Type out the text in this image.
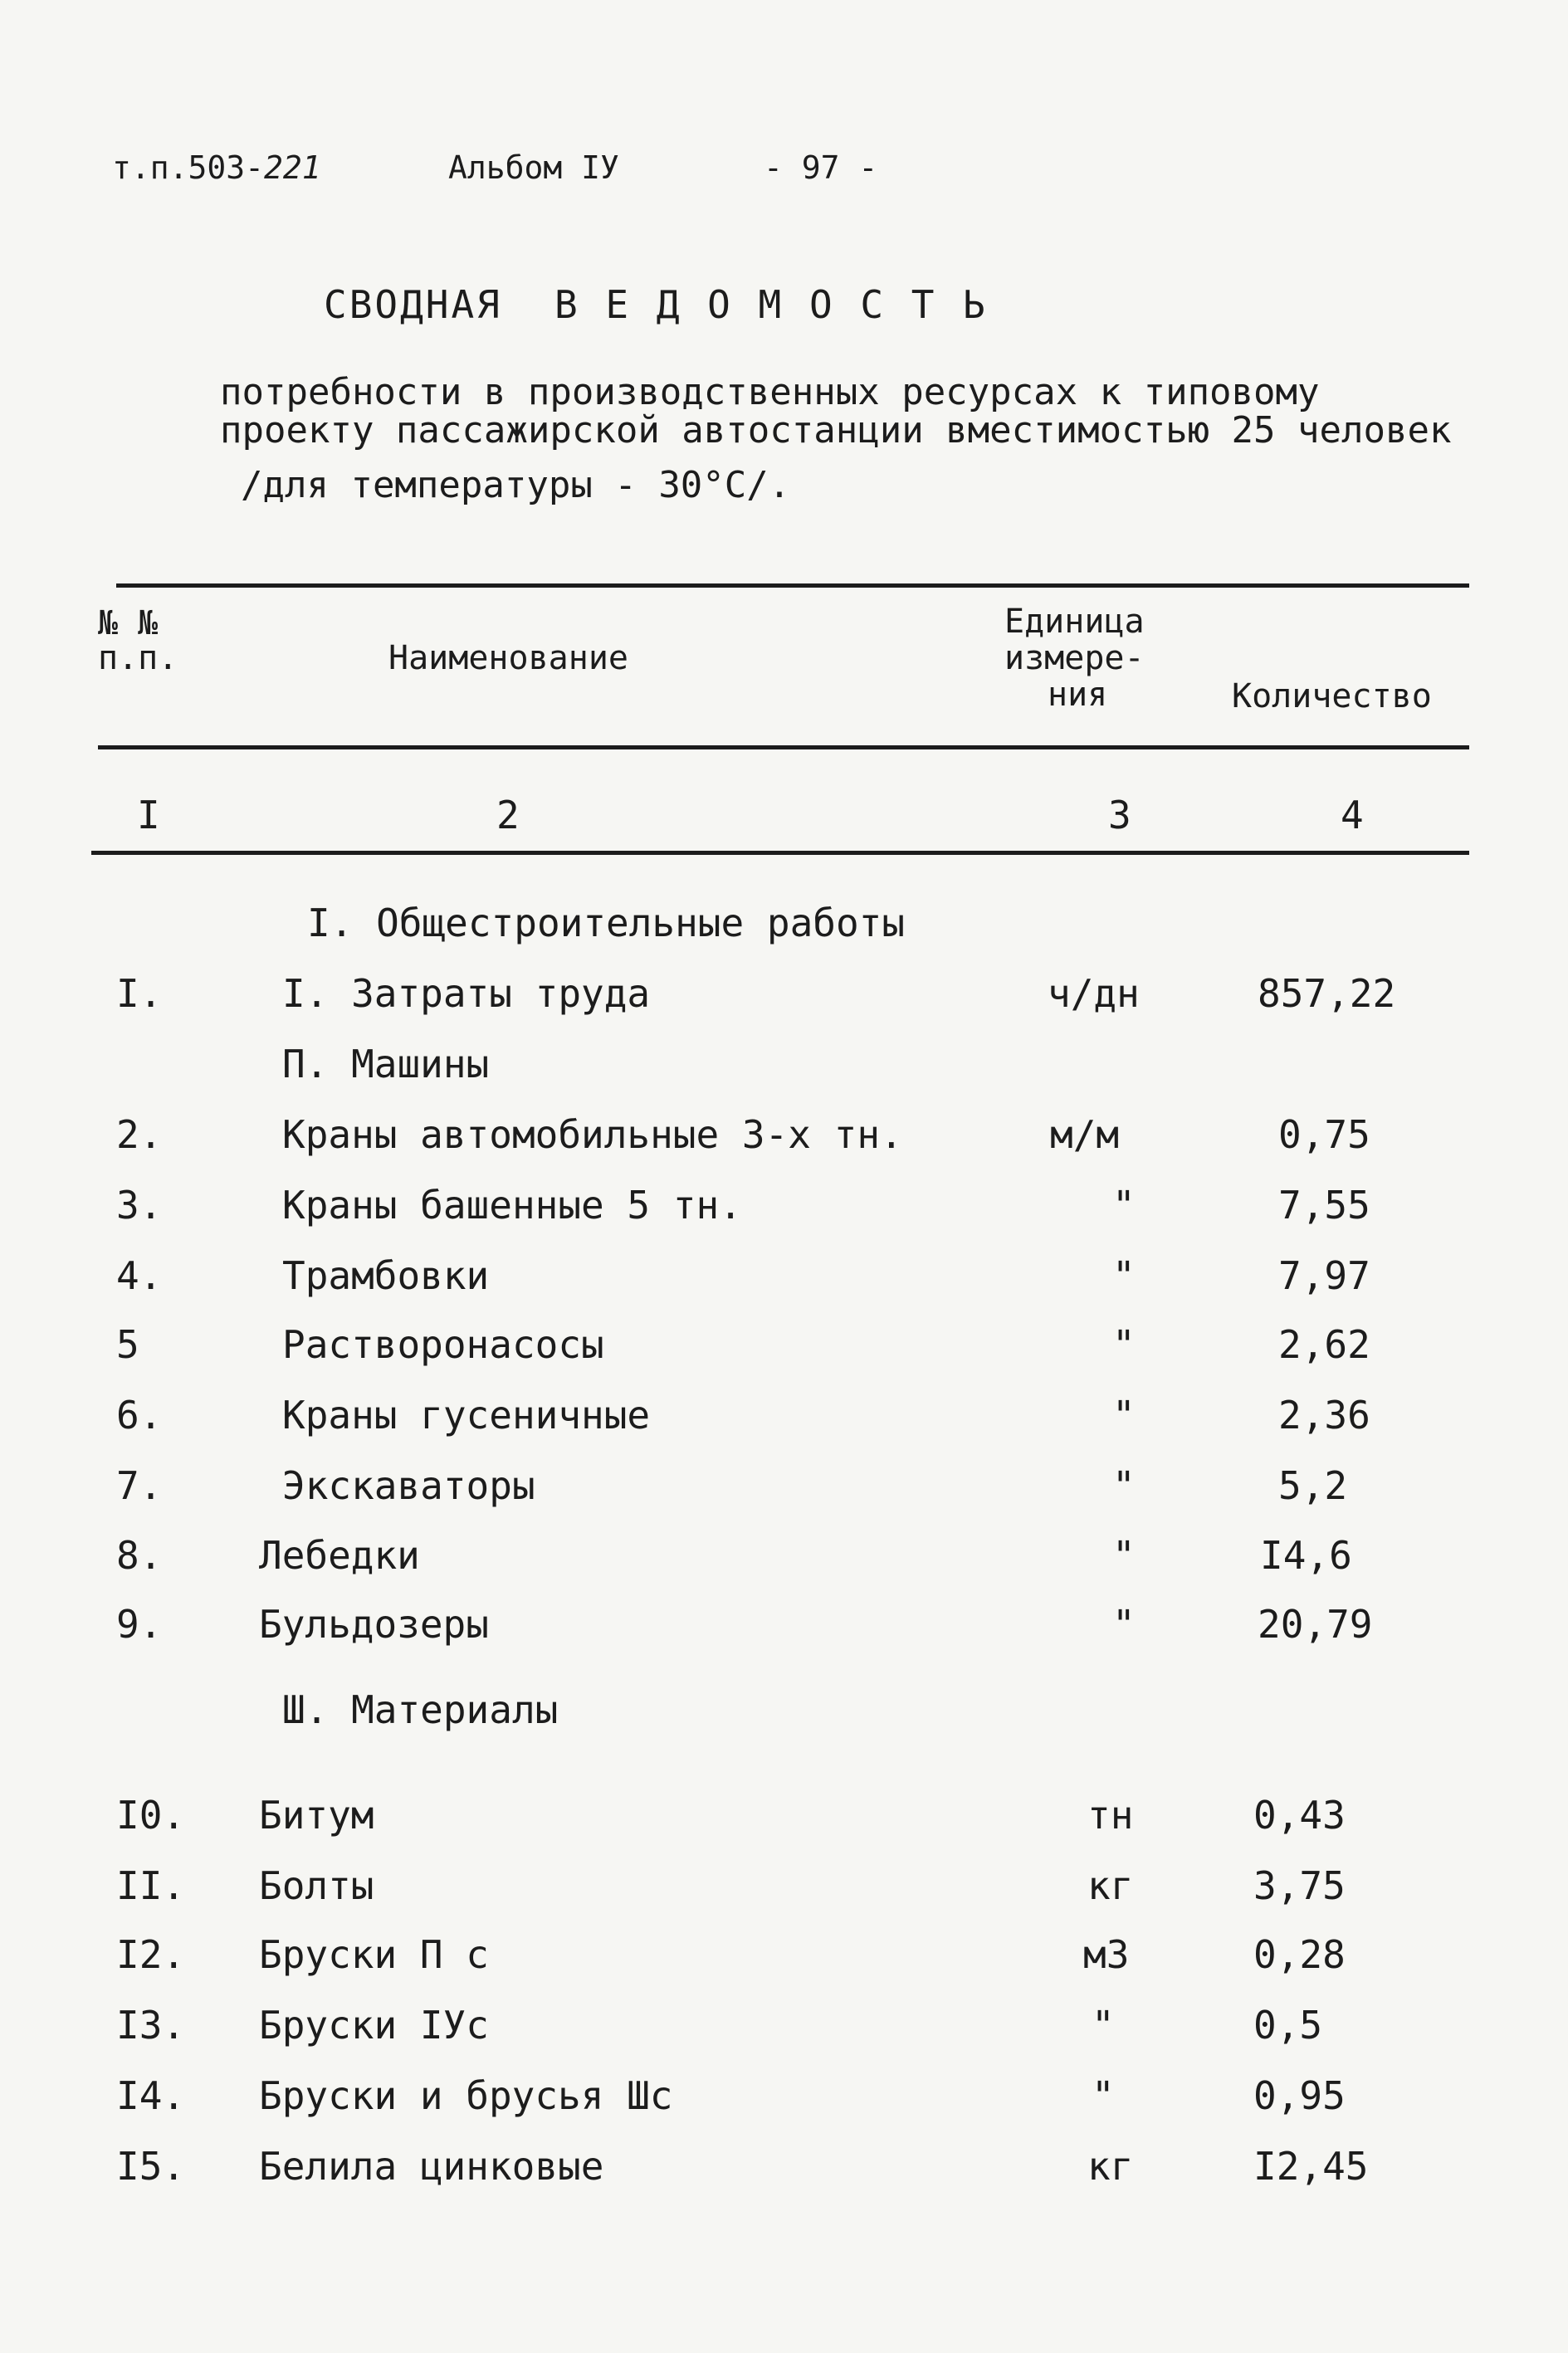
т.п.503-221	Альбом IУ	- 97 -
СВОДНАЯ В Е Д О М О С Т Ь
потребности в производственных ресурсах к типовому
проекту пассажирской автостанции вместимостью 25 человек
/для температуры - 30°С/.
№ №
п.п.	Наименование
Единица
измере-
ния	Количество
I	2	3	4
I. Общестроительные работы
I.	I. Затраты труда	ч/дн	857,22
П. Машины
2.	Краны автомобильные 3-х тн.	м/м	0,75
3.	Краны башенные 5 тн.	"	7,55
4.	Трамбовки	"	7,97
5	Растворонасосы	"	2,62
6.	Краны гусеничные	"	2,36
7.	Экскаваторы	"	5,2
8.	Лебедки	"	I4,6
9.	Бульдозеры	"	20,79
Ш. Материалы
I0. Битум	тн	0,43
II. Болты	кг	3,75
I2. Бруски П с	м3	0,28
I3. Бруски IУс	"	0,5
I4. Бруски и брусья Шс	"	0,95
I5. Белила цинковые	кг	I2,45
